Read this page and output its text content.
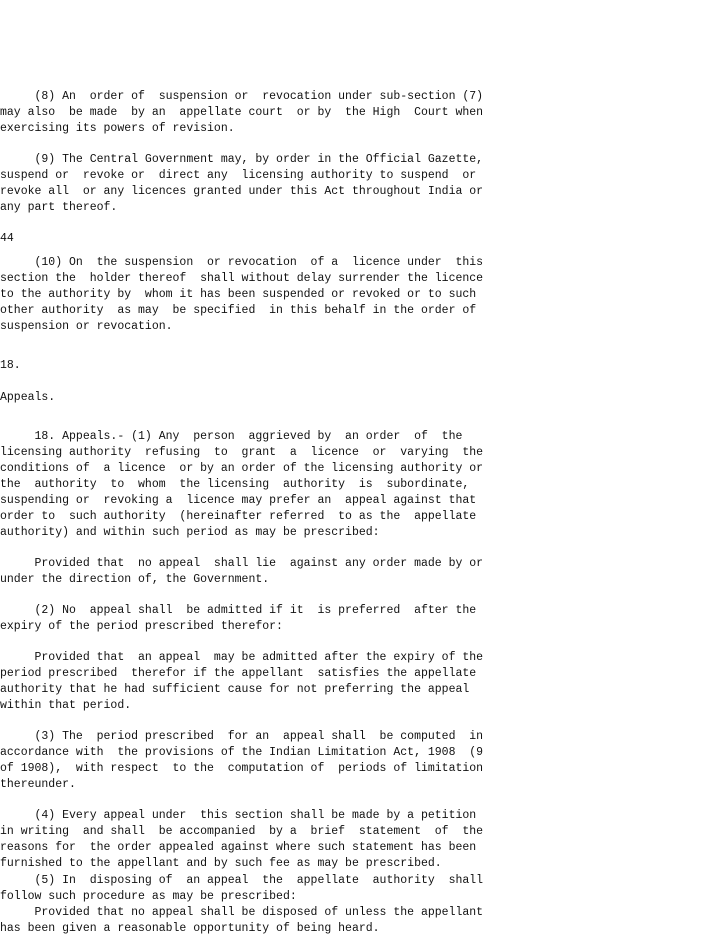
(8) An  order of  suspension or  revocation under sub-section (7)
may also  be made  by an  appellate court  or by  the High  Court when
exercising its powers of revision.
(9) The Central Government may, by order in the Official Gazette,
suspend or  revoke or  direct any  licensing authority to suspend  or
revoke all  or any licences granted under this Act throughout India or
any part thereof.
44
(10) On  the suspension  or revocation  of a  licence under  this
section the  holder thereof  shall without delay surrender the licence
to the authority by  whom it has been suspended or revoked or to such
other authority  as may  be specified  in this behalf in the order of
suspension or revocation.
18.
Appeals.
18. Appeals.- (1) Any  person  aggrieved by  an order  of  the
licensing authority  refusing  to  grant  a  licence  or  varying  the
conditions of  a licence  or by an order of the licensing authority or
the  authority  to  whom  the licensing  authority  is  subordinate,
suspending or  revoking a  licence may prefer an  appeal against that
order to  such authority  (hereinafter referred  to as the  appellate
authority) and within such period as may be prescribed:
Provided that  no appeal  shall lie  against any order made by or
under the direction of, the Government.
(2) No  appeal shall  be admitted if it  is preferred  after the
expiry of the period prescribed therefor:
Provided that  an appeal  may be admitted after the expiry of the
period prescribed  therefor if the appellant  satisfies the appellate
authority that he had sufficient cause for not preferring the appeal
within that period.
(3) The  period prescribed  for an  appeal shall  be computed  in
accordance with  the provisions of the Indian Limitation Act, 1908  (9
of 1908),  with respect  to the  computation of  periods of limitation
thereunder.
(4) Every appeal under  this section shall be made by a petition
in writing  and shall  be accompanied  by a  brief  statement  of  the
reasons for  the order appealed against where such statement has been
furnished to the appellant and by such fee as may be prescribed.
(5) In  disposing of  an appeal  the  appellate  authority  shall
follow such procedure as may be prescribed:
Provided that no appeal shall be disposed of unless the appellant
has been given a reasonable opportunity of being heard.
